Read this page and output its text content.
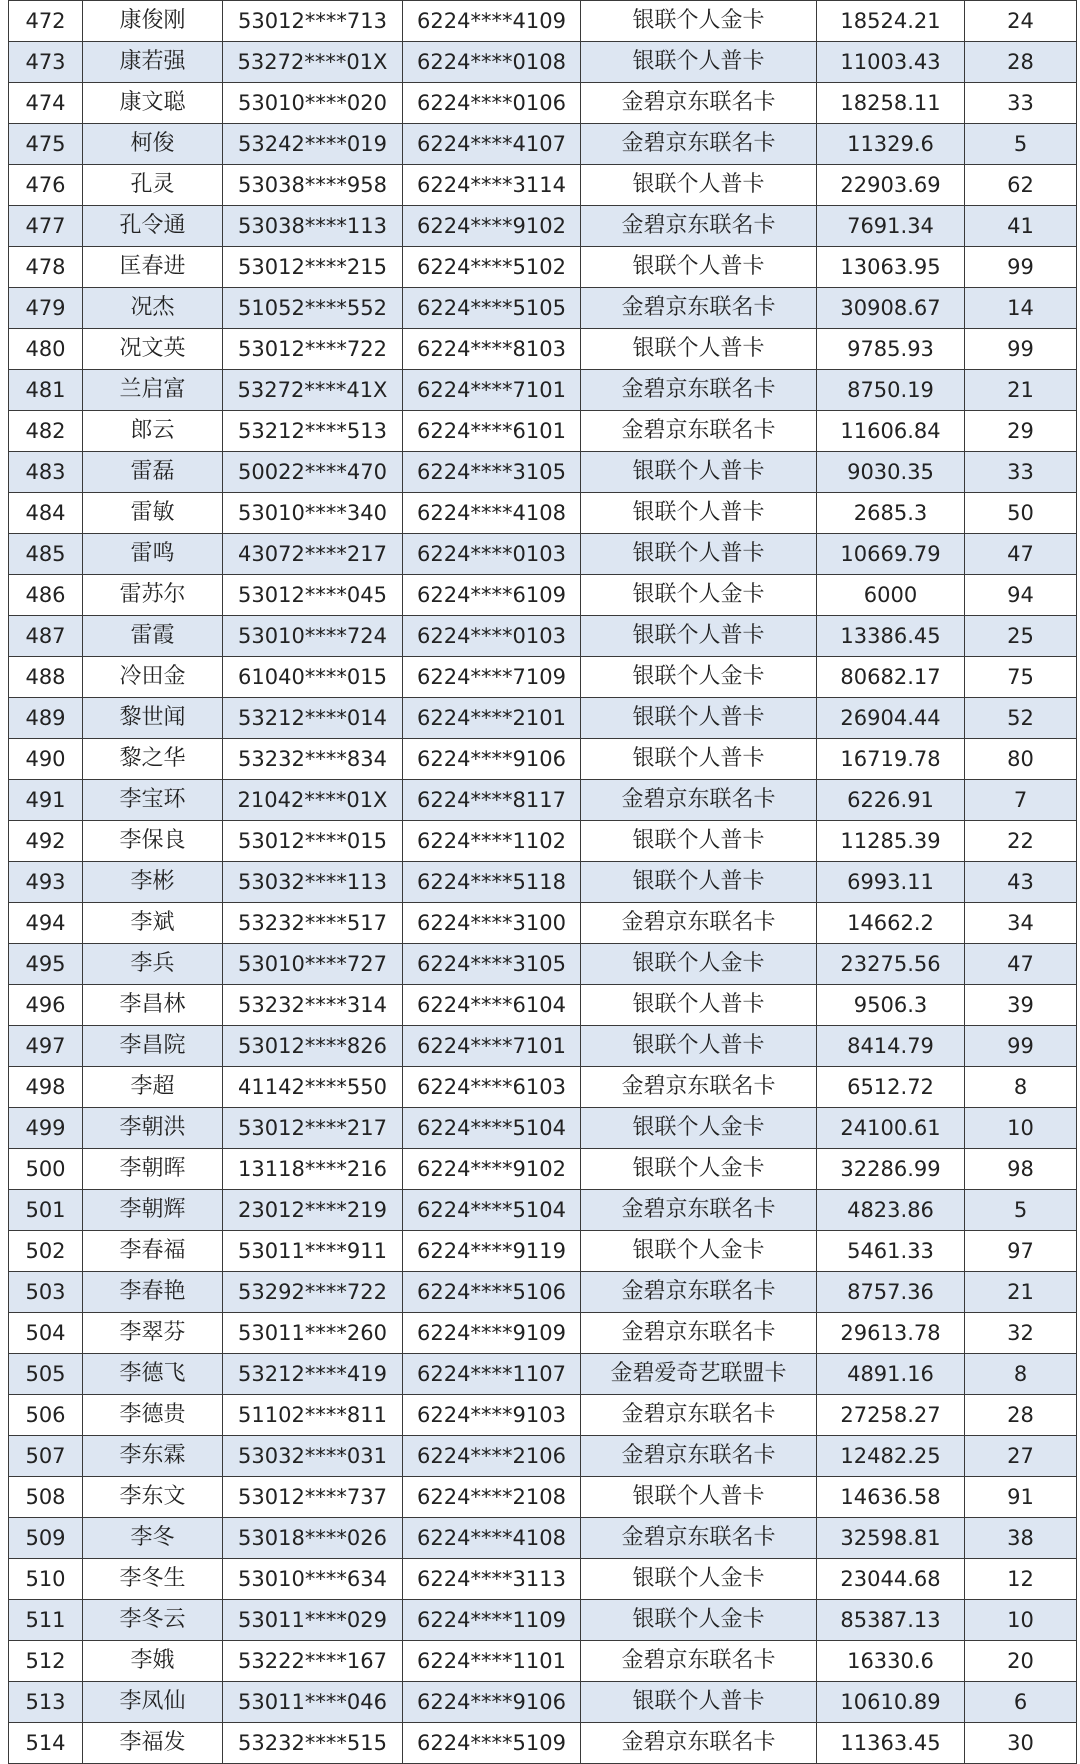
472	康俊刚	53012****713	6224****4109	银联个人金卡	18524.21	24
473	康若强	53272****01X	6224****0108	银联个人普卡	11003.43	28
474	康文聪	53010****020	6224****0106	金碧京东联名卡	18258.11	33
475	柯俊	53242****019	6224****4107	金碧京东联名卡	11329.6	5
476	孔灵	53038****958	6224****3114	银联个人普卡	22903.69	62
477	孔令通	53038****113	6224****9102	金碧京东联名卡	7691.34	41
478	匡春进	53012****215	6224****5102	银联个人普卡	13063.95	99
479	况杰	51052****552	6224****5105	金碧京东联名卡	30908.67	14
480	况文英	53012****722	6224****8103	银联个人普卡	9785.93	99
481	兰启富	53272****41X	6224****7101	金碧京东联名卡	8750.19	21
482	郎云	53212****513	6224****6101	金碧京东联名卡	11606.84	29
483	雷磊	50022****470	6224****3105	银联个人普卡	9030.35	33
484	雷敏	53010****340	6224****4108	银联个人普卡	2685.3	50
485	雷鸣	43072****217	6224****0103	银联个人普卡	10669.79	47
486	雷苏尔	53012****045	6224****6109	银联个人金卡	6000	94
487	雷霞	53010****724	6224****0103	银联个人普卡	13386.45	25
488	冷田金	61040****015	6224****7109	银联个人金卡	80682.17	75
489	黎世闻	53212****014	6224****2101	银联个人普卡	26904.44	52
490	黎之华	53232****834	6224****9106	银联个人普卡	16719.78	80
491	李宝环	21042****01X	6224****8117	金碧京东联名卡	6226.91	7
492	李保良	53012****015	6224****1102	银联个人普卡	11285.39	22
493	李彬	53032****113	6224****5118	银联个人普卡	6993.11	43
494	李斌	53232****517	6224****3100	金碧京东联名卡	14662.2	34
495	李兵	53010****727	6224****3105	银联个人金卡	23275.56	47
496	李昌林	53232****314	6224****6104	银联个人普卡	9506.3	39
497	李昌院	53012****826	6224****7101	银联个人普卡	8414.79	99
498	李超	41142****550	6224****6103	金碧京东联名卡	6512.72	8
499	李朝洪	53012****217	6224****5104	银联个人金卡	24100.61	10
500	李朝晖	13118****216	6224****9102	银联个人金卡	32286.99	98
501	李朝辉	23012****219	6224****5104	金碧京东联名卡	4823.86	5
502	李春福	53011****911	6224****9119	银联个人金卡	5461.33	97
503	李春艳	53292****722	6224****5106	金碧京东联名卡	8757.36	21
504	李翠芬	53011****260	6224****9109	金碧京东联名卡	29613.78	32
505	李德飞	53212****419	6224****1107	金碧爱奇艺联盟卡	4891.16	8
506	李德贵	51102****811	6224****9103	金碧京东联名卡	27258.27	28
507	李东霖	53032****031	6224****2106	金碧京东联名卡	12482.25	27
508	李东文	53012****737	6224****2108	银联个人普卡	14636.58	91
509	李冬	53018****026	6224****4108	金碧京东联名卡	32598.81	38
510	李冬生	53010****634	6224****3113	银联个人金卡	23044.68	12
511	李冬云	53011****029	6224****1109	银联个人金卡	85387.13	10
512	李娥	53222****167	6224****1101	金碧京东联名卡	16330.6	20
513	李凤仙	53011****046	6224****9106	银联个人普卡	10610.89	6
514	李福发	53232****515	6224****5109	金碧京东联名卡	11363.45	30
